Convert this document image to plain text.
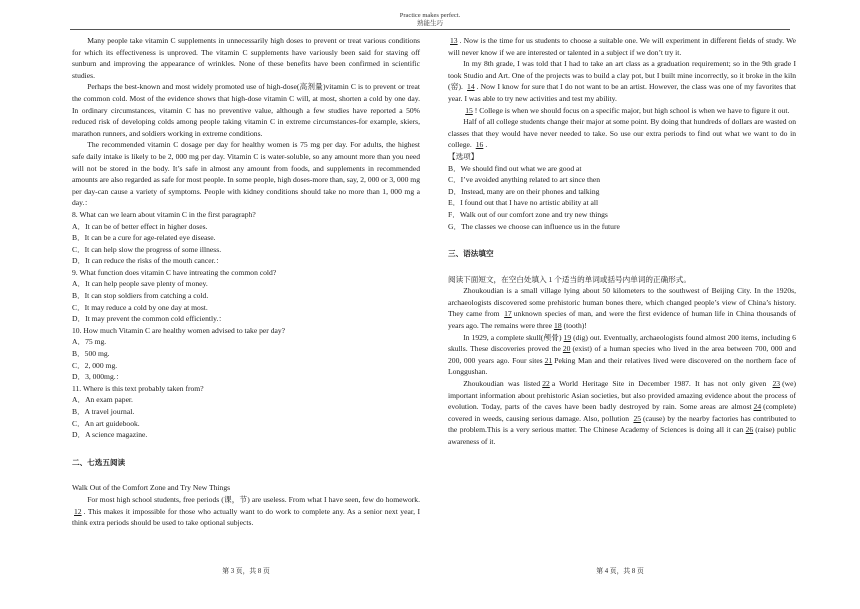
Practice makes perfect.
熟能生巧

Many people take vitamin C supplements in unnecessarily high doses to prevent or treat various conditions for which its effectiveness is unproved. The vitamin C supplements have variously been said for staving off sunburn and improving the appearance of wrinkles. None of these benefits have been confirmed in scientific studies.

Perhaps the best-known and most widely promoted use of high-dose(高剂量)vitamin C is to prevent or treat the common cold. Most of the evidence shows that high-dose vitamin C will, at most, shorten a cold by one day. In ordinary circumstances, vitamin C has no preventive value, although a few studies have reported a 50% reduced risk of developing colds among people taking vitamin C in extreme circumstances-for example, skiers, marathon runners, and soldiers working in extreme conditions.

The recommended vitamin C dosage per day for healthy women is 75 mg per day. For adults, the highest safe daily intake is likely to be 2, 000 mg per day. Vitamin C is water-soluble, so any amount more than you need will not be stored in the body. It’s safe in almost any amount from foods, and supplements in recommended amounts are also regarded as safe for most people. In some people, high doses-more than, say, 2, 000 or 3, 000 mg per day-can cause a variety of symptoms. People with kidney conditions should take no more than 1, 000 mg a day.：

8. What can we learn about vitamin C in the first paragraph?

A．It can be of better effect in higher doses.

B．It can be a cure for age-related eye disease.

C．It can help slow the progress of some illness.

D．It can reduce the risks of the mouth cancer.：

9. What function does vitamin C have intreating the common cold?

A．It can help people save plenty of money.

B．It can stop soldiers from catching a cold.

C．It may reduce a cold by one day at most.

D．It may prevent the common cold efficiently.：

10. How much Vitamin C are healthy women advised to take per day?

A．75 mg.

B．500 mg.

C．2, 000 mg.

D．3, 000mg.：

11. Where is this text probably taken from?

A．An exam paper.

B．A travel journal.

C．An art guidebook.

D．A science magazine.

二、七选五阅读

Walk Out of the Comfort Zone and Try New Things

For most high school students, free periods (课，节) are useless. From what I have seen, few do homework. 12 . This makes it impossible for those who actually want to do work to complete any. As a senior next year, I think extra periods should be used to take optional subjects.

13 . Now is the time for us students to choose a suitable one. We will experiment in different fields of study. We will never know if we are interested or talented in a subject if we don’t try it.

In my 8th grade, I was told that I had to take an art class as a graduation requirement; so in the 9th grade I took Studio and Art. One of the projects was to build a clay pot, but I built mine incorrectly, so it broke in the kiln (窑). 14 . Now I know for sure that I do not want to be an artist. However, the class was one of my favorites that year. I was able to try new activities and test my ability.

15 ! College is when we should focus on a specific major, but high school is when we have to figure it out.

Half of all college students change their major at some point. By doing that hundreds of dollars are wasted on classes that they would have never needed to take. So use our extra periods to find out what we want to do in college. 16 .

【选项】

B．We should find out what we are good at

C．I’ve avoided anything related to art since then

D．Instead, many are on their phones and talking

E．I found out that I have no artistic ability at all

F．Walk out of our comfort zone and try new things

G．The classes we choose can influence us in the future

三、语法填空

阅读下面短文，在空白处填入 1 个适当的单词或括号内单词的正确形式。

Zhoukoudian is a small village lying about 50 kilometers to the southwest of Beijing City. In the 1920s, archaeologists discovered some prehistoric human bones there, which changed people’s view of China’s history. They came from 17 unknown species of man, and were the first evidence of human life in China thousands of years ago. The remains were three 18 (tooth)!

In 1929, a complete skull(颅骨) 19 (dig) out. Eventually, archaeologists found almost 200 items, including 6 skulls. These discoveries proved the 20 (exist) of a human species who lived in the area between 700, 000 and 200, 000 years ago. Four sites 21 Peking Man and their relatives lived were discovered on the northern face of Longgushan.

Zhoukoudian was listed 22 a World Heritage Site in December 1987. It has not only given 23 (we) important information about prehistoric Asian societies, but also provided amazing evidence about the process of evolution. Today, parts of the caves have been badly destroyed by rain. Some areas are almost 24 (complete) covered in weeds, causing serious damage. Also, pollution 25 (cause) by the nearby factories has contributed to the problem.This is a very serious matter. The Chinese Academy of Sciences is doing all it can 26 (raise) public awareness of it.

第 3 页，共 8 页	第 4 页，共 8 页
